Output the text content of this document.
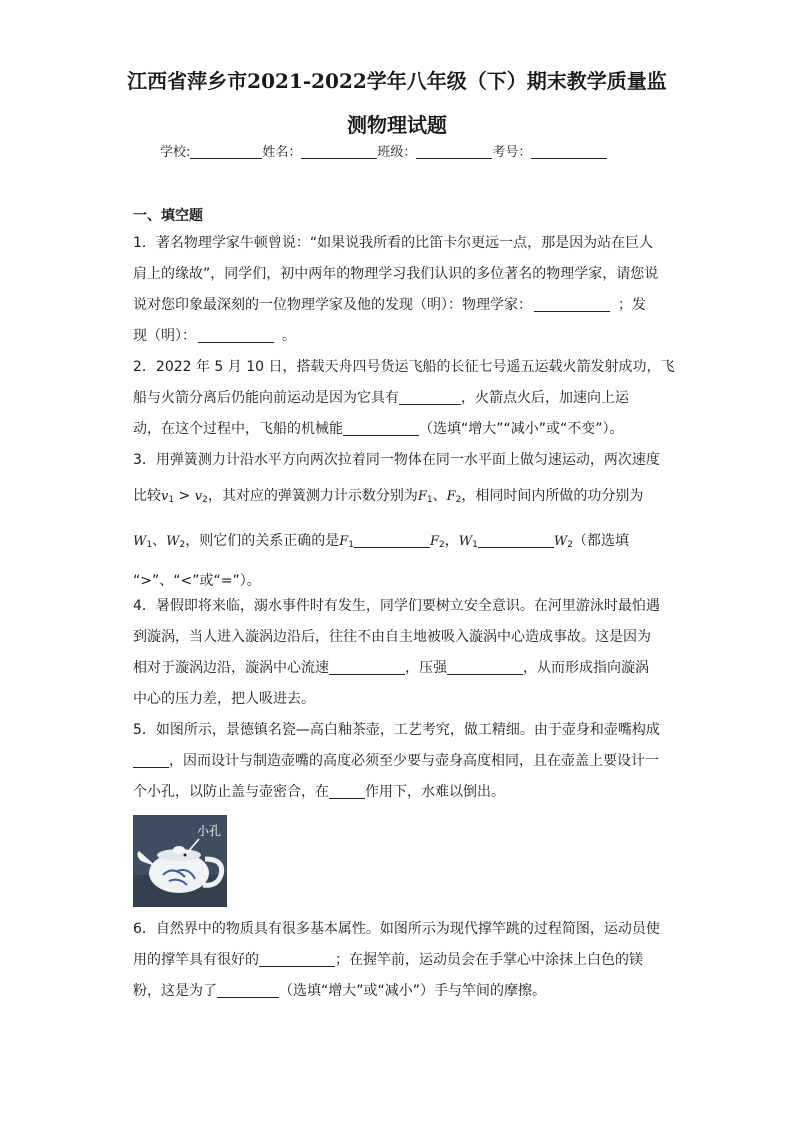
江西省萍乡市2021-2022学年八年级（下）期末教学质量监
测物理试题
学校:	姓名：	班级：	考号：
一、填空题

1．著名物理学家牛顿曾说：“如果说我所看的比笛卡尔更远一点，那是因为站在巨人

肩上的缘故”，同学们，初中两年的物理学习我们认识的多位著名的物理学家，请您说

说对您印象最深刻的一位物理学家及他的发现（明）：物理学家：	；发

现（明）：	。

2．2022 年 5 月 10 日，搭载天舟四号货运飞船的长征七号遥五运载火箭发射成功，飞

船与火箭分离后仍能向前运动是因为它具有	，火箭点火后，加速向上运

动，在这个过程中，飞船的机械能	（选填“增大”“减小”或“不变”）。

3．用弹簧测力计沿水平方向两次拉着同一物体在同一水平面上做匀速运动，两次速度

比较$v_1 > v_2$，其对应的弹簧测力计示数分别为$F_1$、$F_2$，相同时间内所做的功分别为

$W_1$、$W_2$，则它们的关系正确的是$F_1$	$F_2$，$W_1$	$W_2$（都选填

“>”、“<”或“=”）。

4．暑假即将来临，溺水事件时有发生，同学们要树立安全意识。在河里游泳时最怕遇

到漩涡，当人进入漩涡边沿后，往往不由自主地被吸入漩涡中心造成事故。这是因为

相对于漩涡边沿，漩涡中心流速	，压强	，从而形成指向漩涡

中心的压力差，把人吸进去。

5．如图所示，景德镇名瓷—高白釉茶壶，工艺考究，做工精细。由于壶身和壶嘴构成

，因而设计与制造壶嘴的高度必须至少要与壶身高度相同，且在壶盖上要设计一

个小孔，以防止盖与壶密合，在	作用下，水难以倒出。

小孔

6．自然界中的物质具有很多基本属性。如图所示为现代撑竿跳的过程简图，运动员使

用的撑竿具有很好的	；在握竿前，运动员会在手掌心中涂抹上白色的镁

粉，这是为了	（选填“增大”或“减小”）手与竿间的摩擦。
